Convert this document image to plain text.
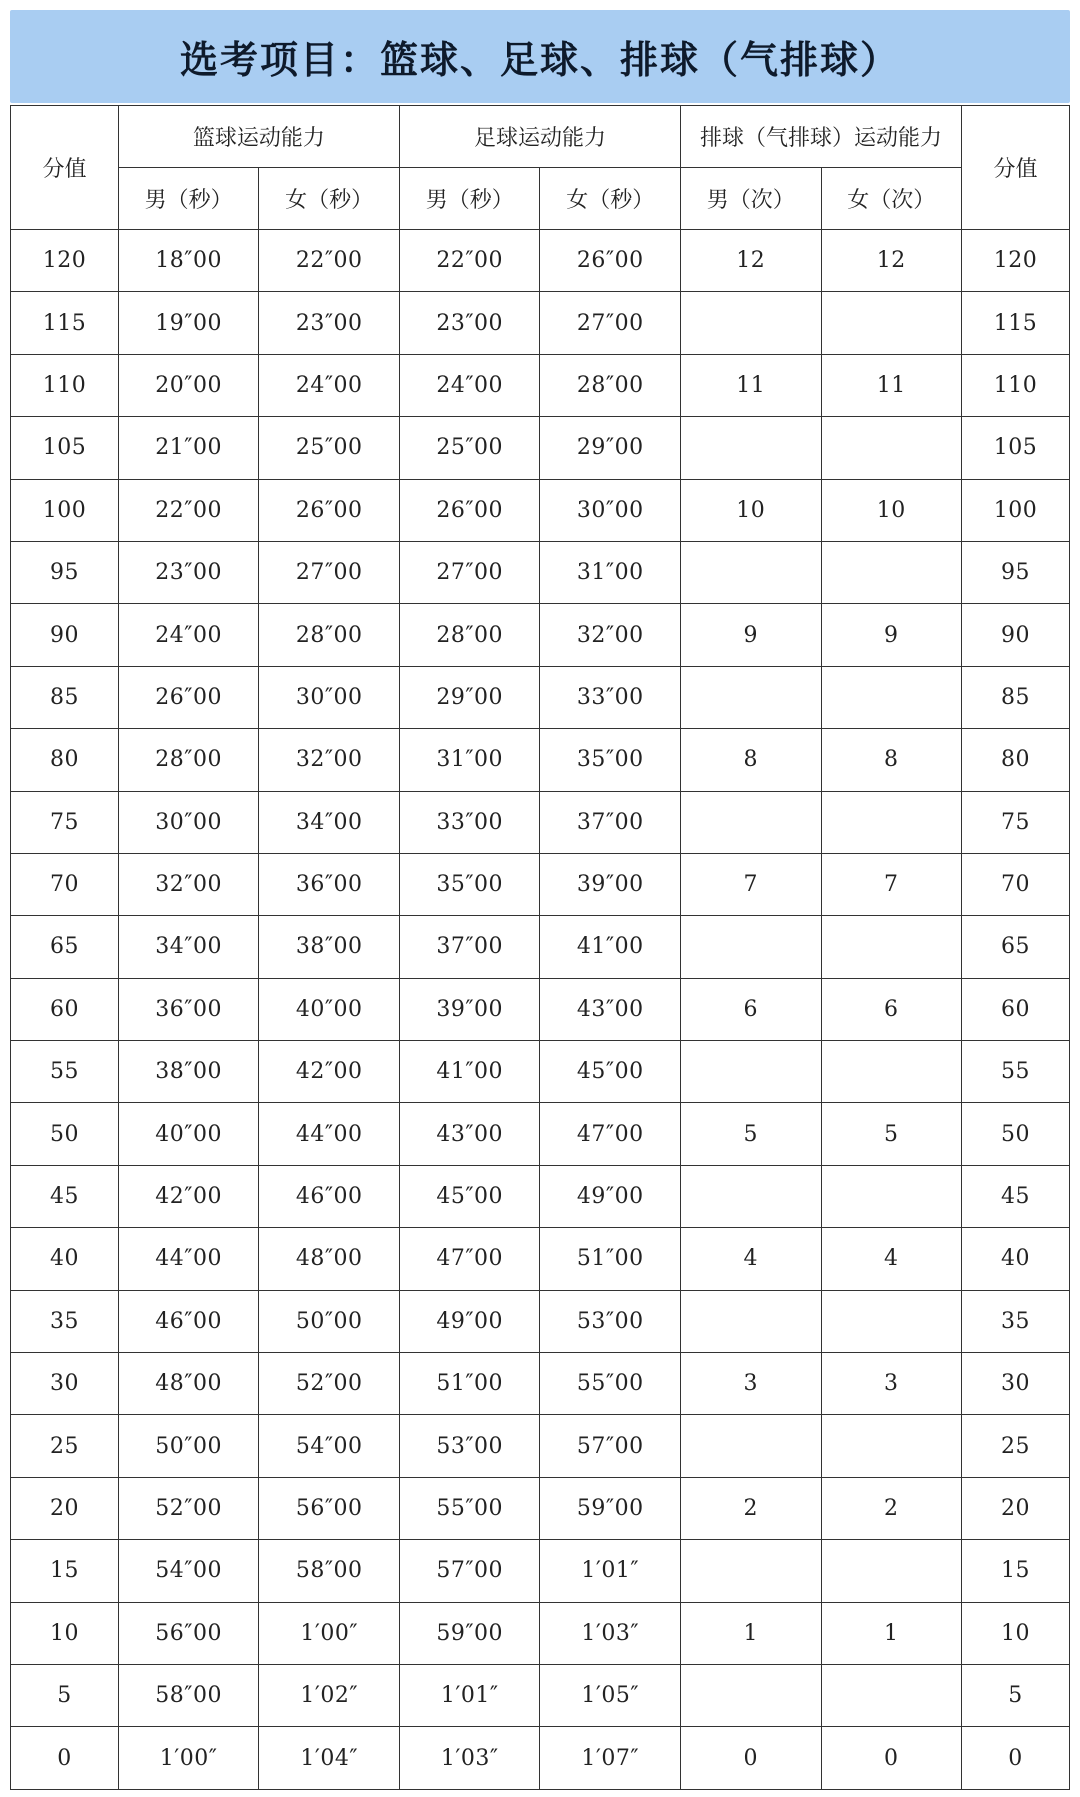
选考项目：篮球、足球、排球（气排球）
分值	篮球运动能力		足球运动能力		排球（气排球）运动能力		分值
	男（秒）	女（秒）	男（秒）	女（秒）	男（次）	女（次）	
120	18″00	22″00	22″00	26″00	12	12	120
115	19″00	23″00	23″00	27″00			115
110	20″00	24″00	24″00	28″00	11	11	110
105	21″00	25″00	25″00	29″00			105
100	22″00	26″00	26″00	30″00	10	10	100
95	23″00	27″00	27″00	31″00			95
90	24″00	28″00	28″00	32″00	9	9	90
85	26″00	30″00	29″00	33″00			85
80	28″00	32″00	31″00	35″00	8	8	80
75	30″00	34″00	33″00	37″00			75
70	32″00	36″00	35″00	39″00	7	7	70
65	34″00	38″00	37″00	41″00			65
60	36″00	40″00	39″00	43″00	6	6	60
55	38″00	42″00	41″00	45″00			55
50	40″00	44″00	43″00	47″00	5	5	50
45	42″00	46″00	45″00	49″00			45
40	44″00	48″00	47″00	51″00	4	4	40
35	46″00	50″00	49″00	53″00			35
30	48″00	52″00	51″00	55″00	3	3	30
25	50″00	54″00	53″00	57″00			25
20	52″00	56″00	55″00	59″00	2	2	20
15	54″00	58″00	57″00	1′01″			15
10	56″00	1′00″	59″00	1′03″	1	1	10
5	58″00	1′02″	1′01″	1′05″			5
0	1′00″	1′04″	1′03″	1′07″	0	0	0
